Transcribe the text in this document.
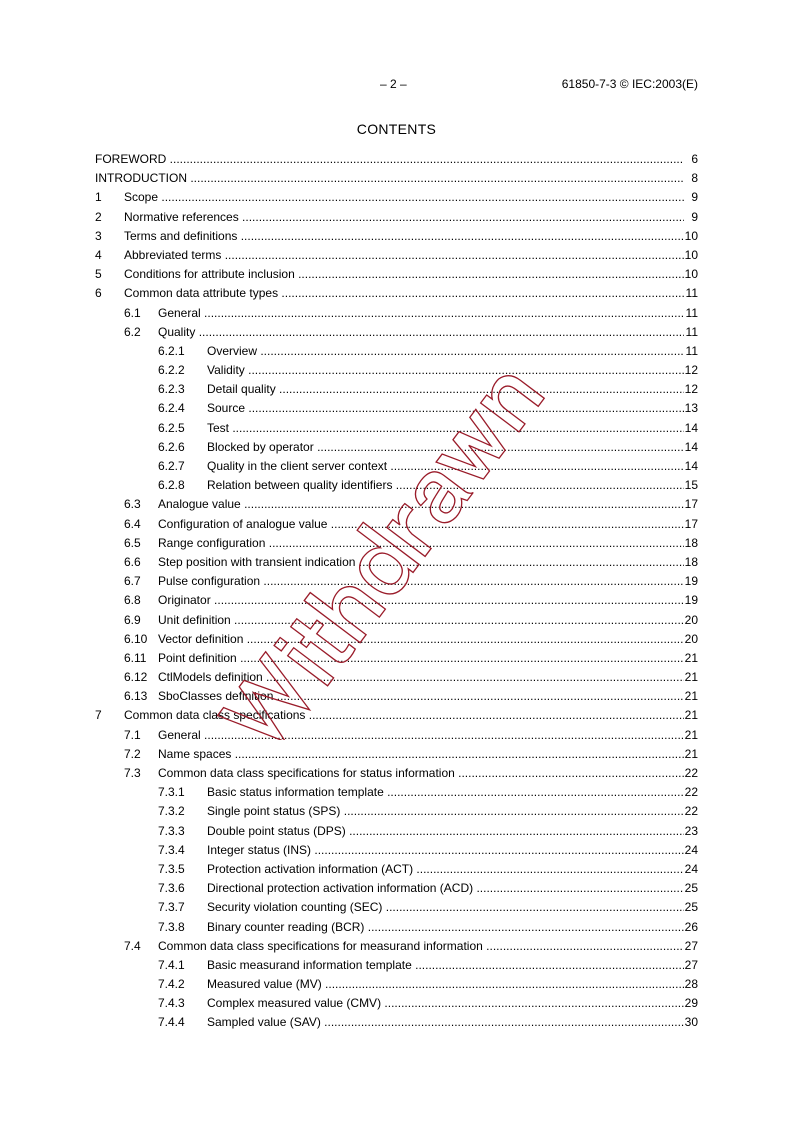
– 2 –	61850-7-3 © IEC:2003(E)
CONTENTS
FOREWORD .....	6
INTRODUCTION .....	8
1 Scope .....	9
2 Normative references .....	9
3 Terms and definitions .....	10
4 Abbreviated terms .....	10
5 Conditions for attribute inclusion .....	10
6 Common data attribute types .....	11
6.1 General .....	11
6.2 Quality .....	11
6.2.1 Overview .....	11
6.2.2 Validity .....	12
6.2.3 Detail quality .....	12
6.2.4 Source .....	13
6.2.5 Test .....	14
6.2.6 Blocked by operator .....	14
6.2.7 Quality in the client server context .....	14
6.2.8 Relation between quality identifiers .....	15
6.3 Analogue value .....	17
6.4 Configuration of analogue value .....	17
6.5 Range configuration .....	18
6.6 Step position with transient indication .....	18
6.7 Pulse configuration .....	19
6.8 Originator .....	19
6.9 Unit definition .....	20
6.10 Vector definition .....	20
6.11 Point definition .....	21
6.12 CtlModels definition .....	21
6.13 SboClasses definition .....	21
7 Common data class specifications .....	21
7.1 General .....	21
7.2 Name spaces .....	21
7.3 Common data class specifications for status information .....	22
7.3.1 Basic status information template .....	22
7.3.2 Single point status (SPS) .....	22
7.3.3 Double point status (DPS) .....	23
7.3.4 Integer status (INS) .....	24
7.3.5 Protection activation information (ACT) .....	24
7.3.6 Directional protection activation information (ACD) .....	25
7.3.7 Security violation counting (SEC) .....	25
7.3.8 Binary counter reading (BCR) .....	26
7.4 Common data class specifications for measurand information .....	27
7.4.1 Basic measurand information template .....	27
7.4.2 Measured value (MV) .....	28
7.4.3 Complex measured value (CMV) .....	29
7.4.4 Sampled value (SAV) .....	30
